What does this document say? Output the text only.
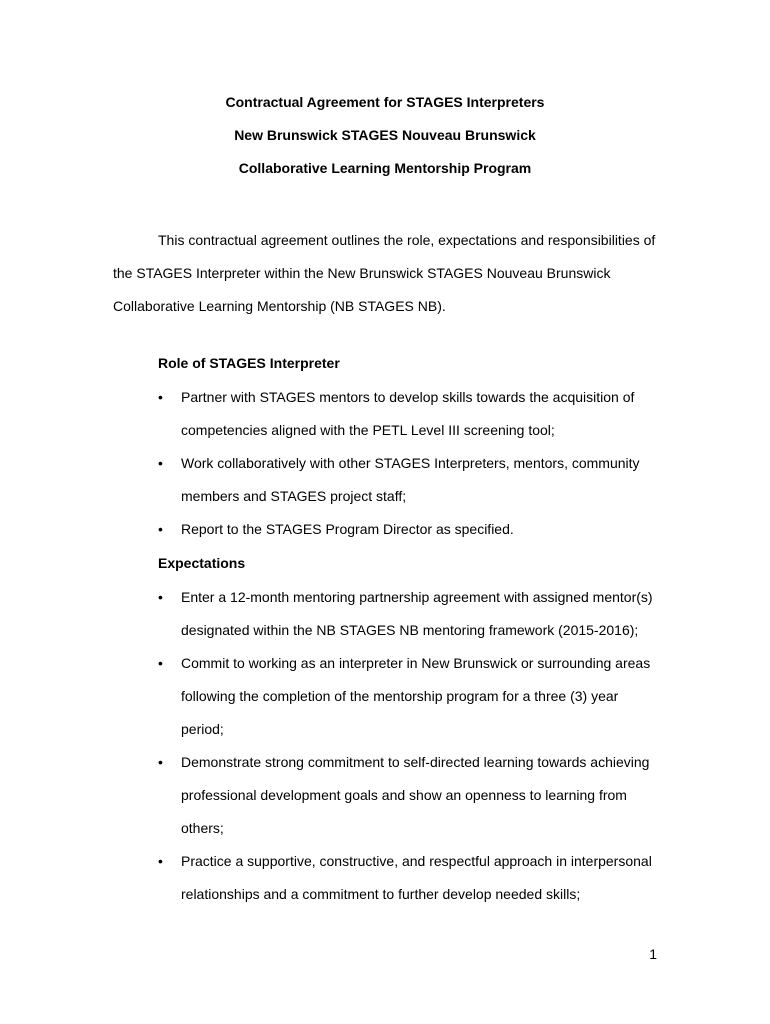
Contractual Agreement for STAGES Interpreters
New Brunswick STAGES Nouveau Brunswick
Collaborative Learning Mentorship Program
This contractual agreement outlines the role, expectations and responsibilities of the STAGES Interpreter within the New Brunswick STAGES Nouveau Brunswick Collaborative Learning Mentorship (NB STAGES NB).
Role of STAGES Interpreter
•	Partner with STAGES mentors to develop skills towards the acquisition of competencies aligned with the PETL Level III screening tool;
•	Work collaboratively with other STAGES Interpreters, mentors, community members and STAGES project staff;
•	Report to the STAGES Program Director as specified.
Expectations
•	Enter a 12-month mentoring partnership agreement with assigned mentor(s) designated within the NB STAGES NB mentoring framework (2015-2016);
•	Commit to working as an interpreter in New Brunswick or surrounding areas following the completion of the mentorship program for a three (3) year period;
•	Demonstrate strong commitment to self-directed learning towards achieving professional development goals and show an openness to learning from others;
•	Practice a supportive, constructive, and respectful approach in interpersonal relationships and a commitment to further develop needed skills;
1
